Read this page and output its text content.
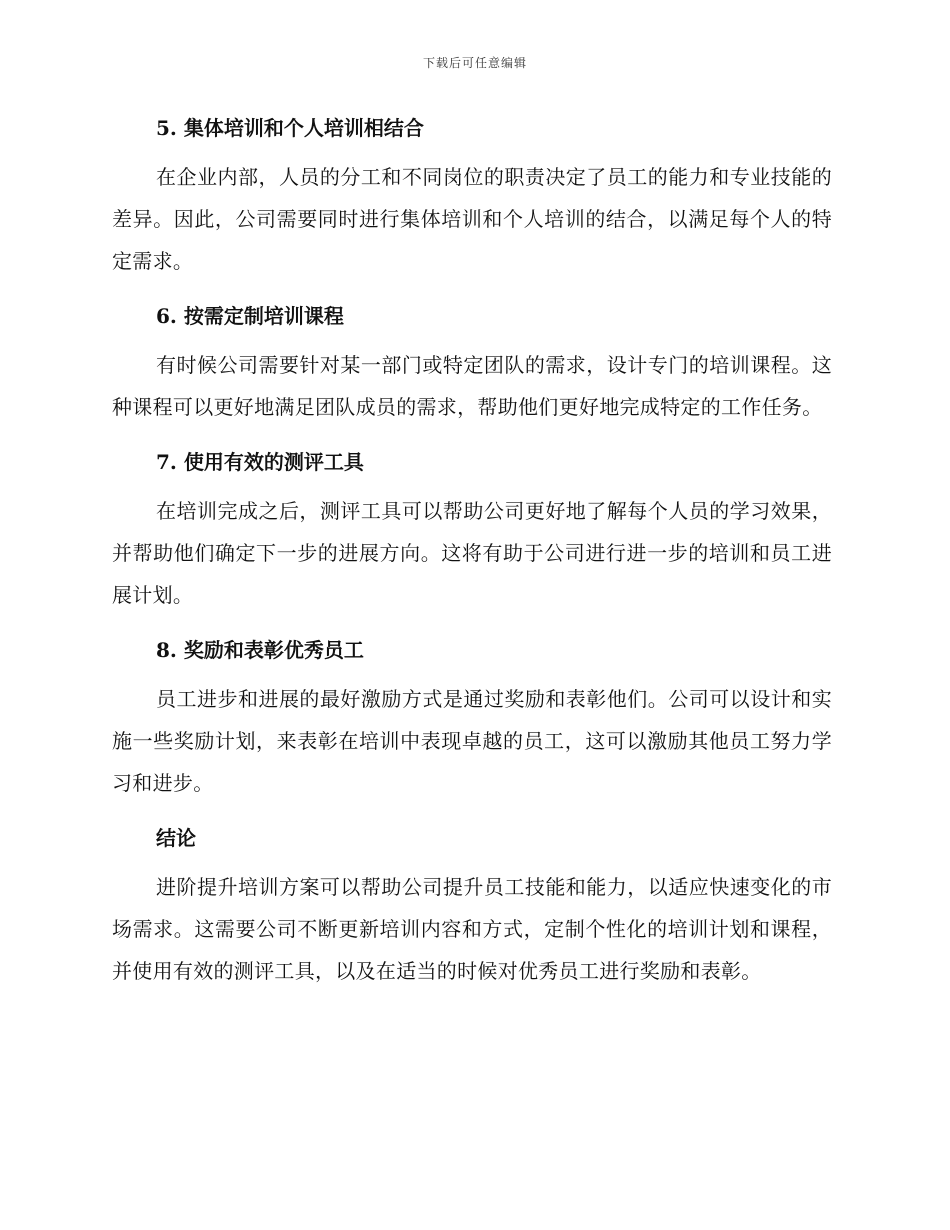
下载后可任意编辑
5. 集体培训和个人培训相结合

在企业内部，人员的分工和不同岗位的职责决定了员工的能力和专业技能的差异。因此，公司需要同时进行集体培训和个人培训的结合，以满足每个人的特定需求。

6. 按需定制培训课程

有时候公司需要针对某一部门或特定团队的需求，设计专门的培训课程。这种课程可以更好地满足团队成员的需求，帮助他们更好地完成特定的工作任务。

7. 使用有效的测评工具

在培训完成之后，测评工具可以帮助公司更好地了解每个人员的学习效果，并帮助他们确定下一步的进展方向。这将有助于公司进行进一步的培训和员工进展计划。

8. 奖励和表彰优秀员工

员工进步和进展的最好激励方式是通过奖励和表彰他们。公司可以设计和实施一些奖励计划，来表彰在培训中表现卓越的员工，这可以激励其他员工努力学习和进步。

结论

进阶提升培训方案可以帮助公司提升员工技能和能力，以适应快速变化的市场需求。这需要公司不断更新培训内容和方式，定制个性化的培训计划和课程，并使用有效的测评工具，以及在适当的时候对优秀员工进行奖励和表彰。
